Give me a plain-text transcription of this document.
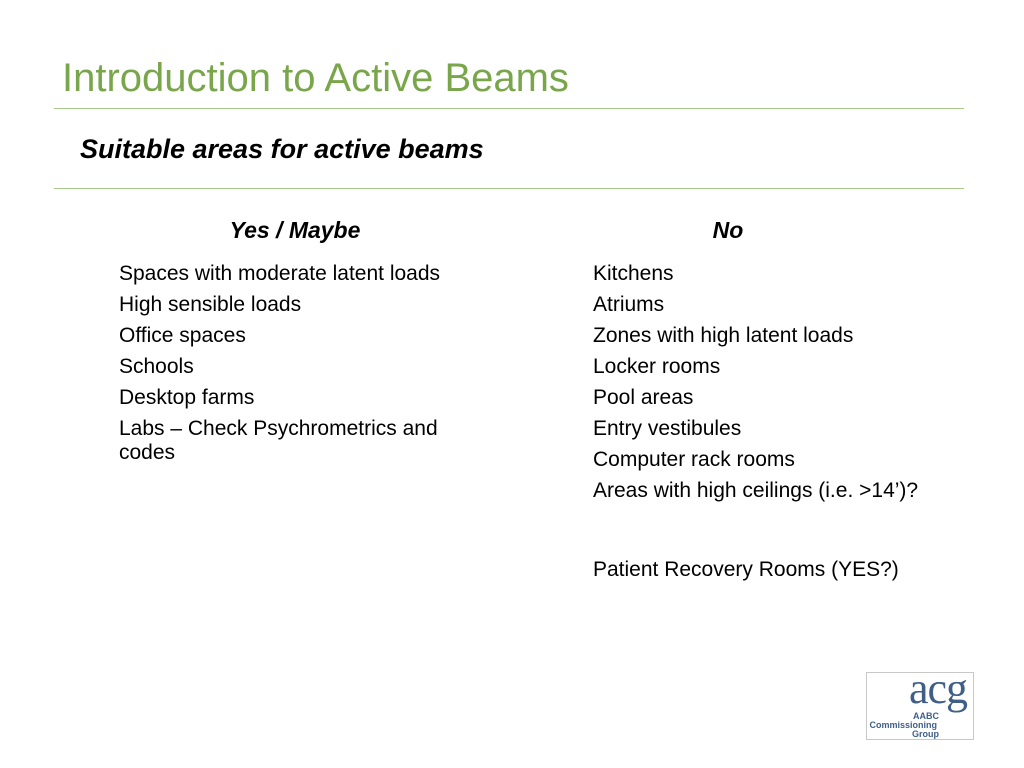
Introduction to Active Beams
Suitable areas for active beams
Yes / Maybe	No
Spaces with moderate latent loads
High sensible loads
Office spaces
Schools
Desktop farms
Labs – Check Psychrometrics and codes
Kitchens
Atriums
Zones with high latent loads
Locker rooms
Pool areas
Entry vestibules
Computer rack rooms
Areas with high ceilings (i.e. >14’)?
Patient Recovery Rooms (YES?)
acg
AABC
Commissioning
Group
